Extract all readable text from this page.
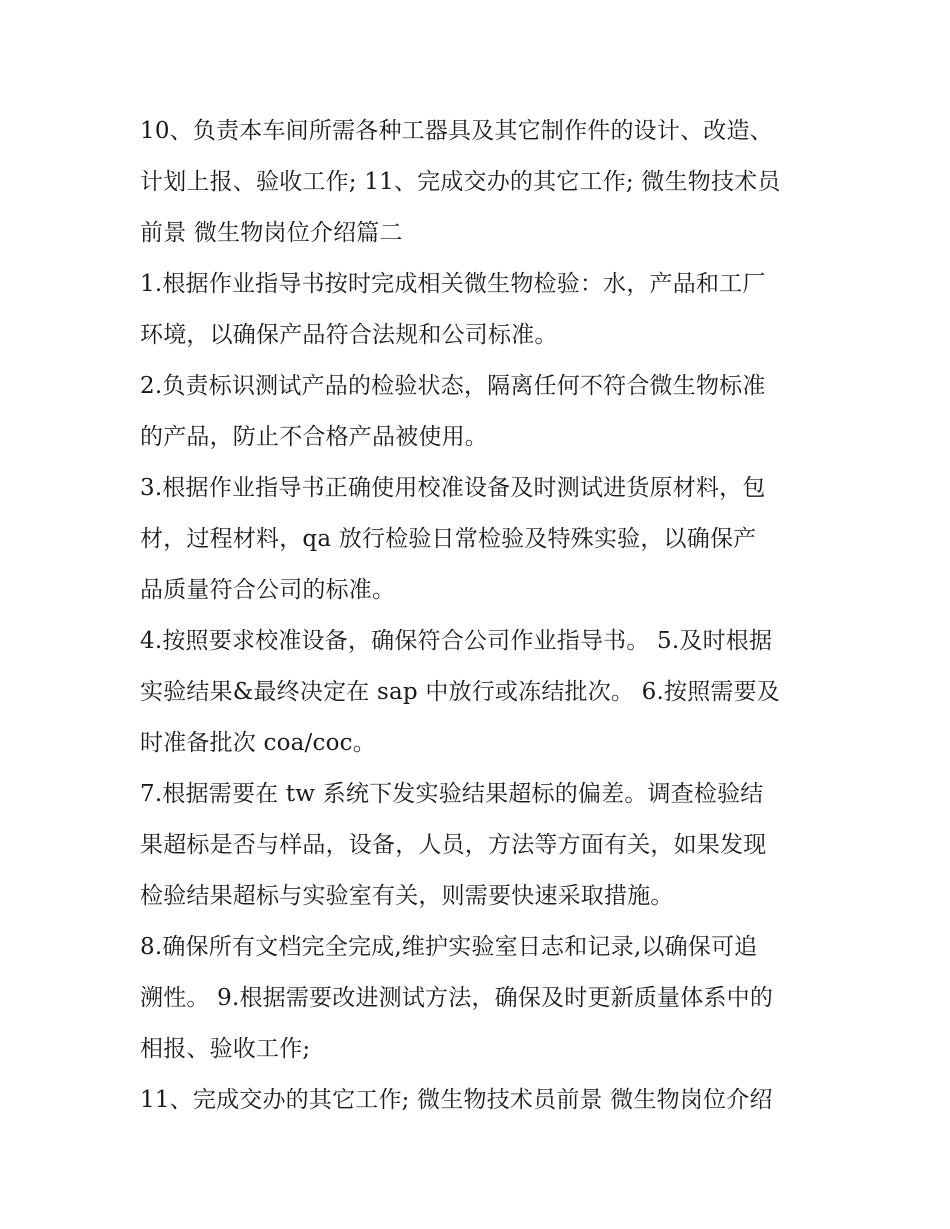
10、负责本车间所需各种工器具及其它制作件的设计、改造、
计划上报、验收工作; 11、完成交办的其它工作; 微生物技术员
前景 微生物岗位介绍篇二
1.根据作业指导书按时完成相关微生物检验：水，产品和工厂
环境，以确保产品符合法规和公司标准。
2.负责标识测试产品的检验状态，隔离任何不符合微生物标准
的产品，防止不合格产品被使用。
3.根据作业指导书正确使用校准设备及时测试进货原材料，包
材，过程材料，qa 放行检验日常检验及特殊实验，以确保产
品质量符合公司的标准。
4.按照要求校准设备，确保符合公司作业指导书。 5.及时根据
实验结果&最终决定在 sap 中放行或冻结批次。 6.按照需要及
时准备批次 coa/coc。
7.根据需要在 tw 系统下发实验结果超标的偏差。调查检验结
果超标是否与样品，设备，人员，方法等方面有关，如果发现
检验结果超标与实验室有关，则需要快速采取措施。
8.确保所有文档完全完成,维护实验室日志和记录,以确保可追
溯性。 9.根据需要改进测试方法，确保及时更新质量体系中的
相报、验收工作;
11、完成交办的其它工作; 微生物技术员前景 微生物岗位介绍
